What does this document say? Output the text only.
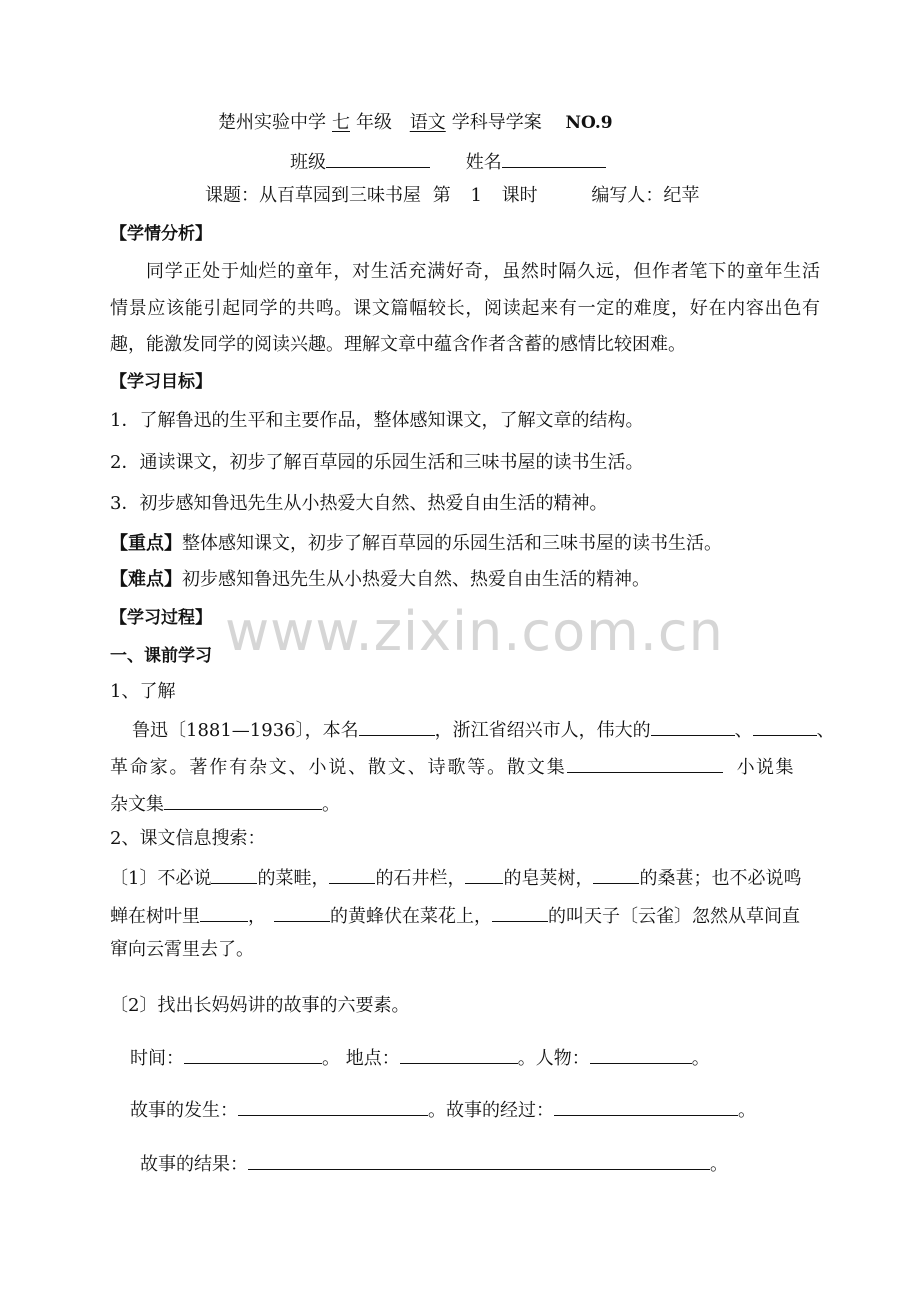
楚州实验中学 七 年级 语文 学科导学案 NO.9
班级	姓名
课题：从百草园到三味书屋 第 1 课时	编写人：纪苹
【学情分析】
同学正处于灿烂的童年，对生活充满好奇，虽然时隔久远，但作者笔下的童年生活
情景应该能引起同学的共鸣。课文篇幅较长，阅读起来有一定的难度，好在内容出色有
趣，能激发同学的阅读兴趣。理解文章中蕴含作者含蓄的感情比较困难。
【学习目标】
1．了解鲁迅的生平和主要作品，整体感知课文，了解文章的结构。
2．通读课文，初步了解百草园的乐园生活和三味书屋的读书生活。
3．初步感知鲁迅先生从小热爱大自然、热爱自由生活的精神。
【重点】整体感知课文，初步了解百草园的乐园生活和三味书屋的读书生活。
【难点】初步感知鲁迅先生从小热爱大自然、热爱自由生活的精神。
【学习过程】 www.zixin.com.cn
一、课前学习
1、了解
鲁迅〔1881—1936〕，本名	，浙江省绍兴市人，伟大的	、	、
革命家。著作有杂文、小说、散文、诗歌等。散文集	小说集
杂文集	。
2、课文信息搜索：
〔1〕不必说	的菜畦，	的石井栏， 的皂荚树，	的桑葚；也不必说鸣
蝉在树叶里	，	的黄蜂伏在菜花上，	的叫天子〔云雀〕忽然从草间直
窜向云霄里去了。
〔2〕找出长妈妈讲的故事的六要素。
时间：	。 地点：	。人物：	。
故事的发生：	。故事的经过：	。
故事的结果：	。
